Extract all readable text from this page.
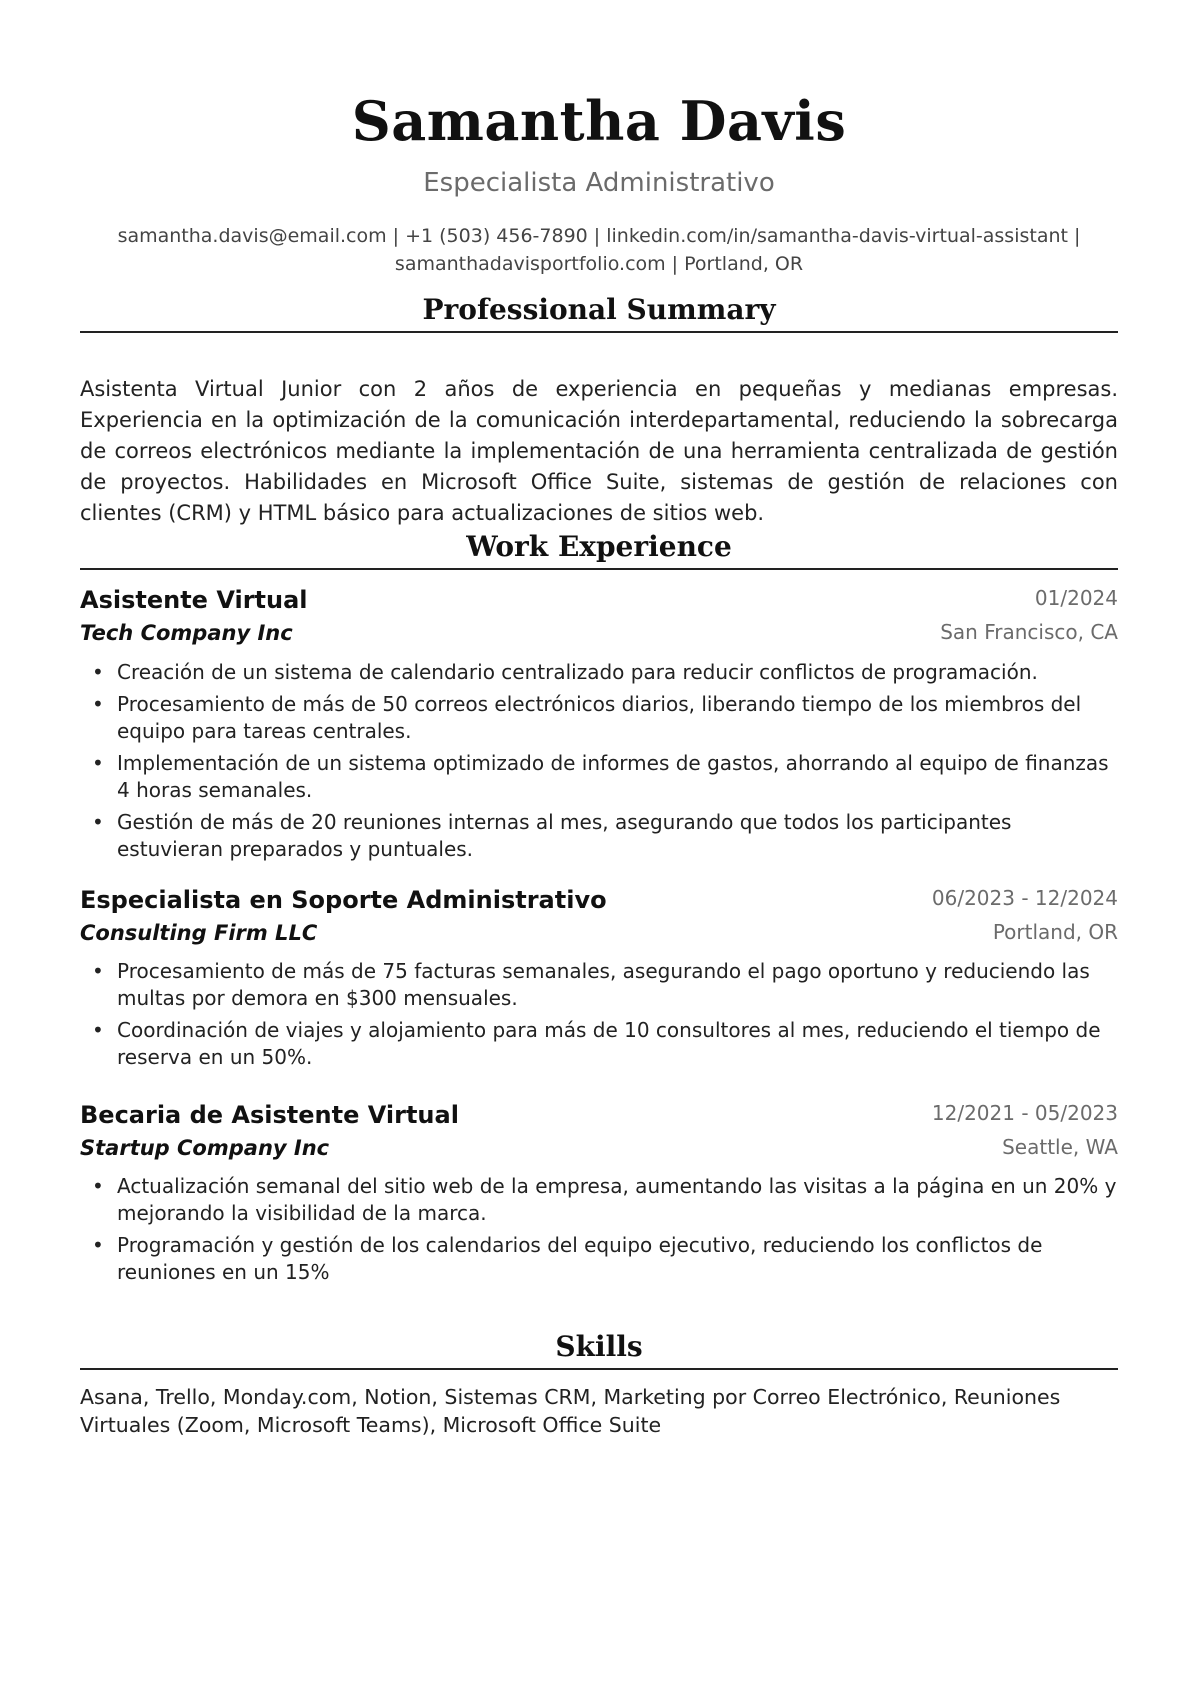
Samantha Davis
Especialista Administrativo
samantha.davis@email.com | +1 (503) 456-7890 | linkedin.com/in/samantha-davis-virtual-assistant |
samanthadavisportfolio.com | Portland, OR
Professional Summary
Asistenta Virtual Junior con 2 años de experiencia en pequeñas y medianas empresas. Experiencia en la optimización de la comunicación interdepartamental, reduciendo la sobrecarga de correos electrónicos mediante la implementación de una herramienta centralizada de gestión de proyectos. Habilidades en Microsoft Office Suite, sistemas de gestión de relaciones con clientes (CRM) y HTML básico para actualizaciones de sitios web.
Work Experience
Asistente Virtual	01/2024
Tech Company Inc	San Francisco, CA
• Creación de un sistema de calendario centralizado para reducir conflictos de programación.
• Procesamiento de más de 50 correos electrónicos diarios, liberando tiempo de los miembros del equipo para tareas centrales.
• Implementación de un sistema optimizado de informes de gastos, ahorrando al equipo de finanzas 4 horas semanales.
• Gestión de más de 20 reuniones internas al mes, asegurando que todos los participantes estuvieran preparados y puntuales.
Especialista en Soporte Administrativo	06/2023 - 12/2024
Consulting Firm LLC	Portland, OR
• Procesamiento de más de 75 facturas semanales, asegurando el pago oportuno y reduciendo las multas por demora en $300 mensuales.
• Coordinación de viajes y alojamiento para más de 10 consultores al mes, reduciendo el tiempo de reserva en un 50%.
Becaria de Asistente Virtual	12/2021 - 05/2023
Startup Company Inc	Seattle, WA
• Actualización semanal del sitio web de la empresa, aumentando las visitas a la página en un 20% y mejorando la visibilidad de la marca.
• Programación y gestión de los calendarios del equipo ejecutivo, reduciendo los conflictos de reuniones en un 15%
Skills
Asana, Trello, Monday.com, Notion, Sistemas CRM, Marketing por Correo Electrónico, Reuniones Virtuales (Zoom, Microsoft Teams), Microsoft Office Suite
